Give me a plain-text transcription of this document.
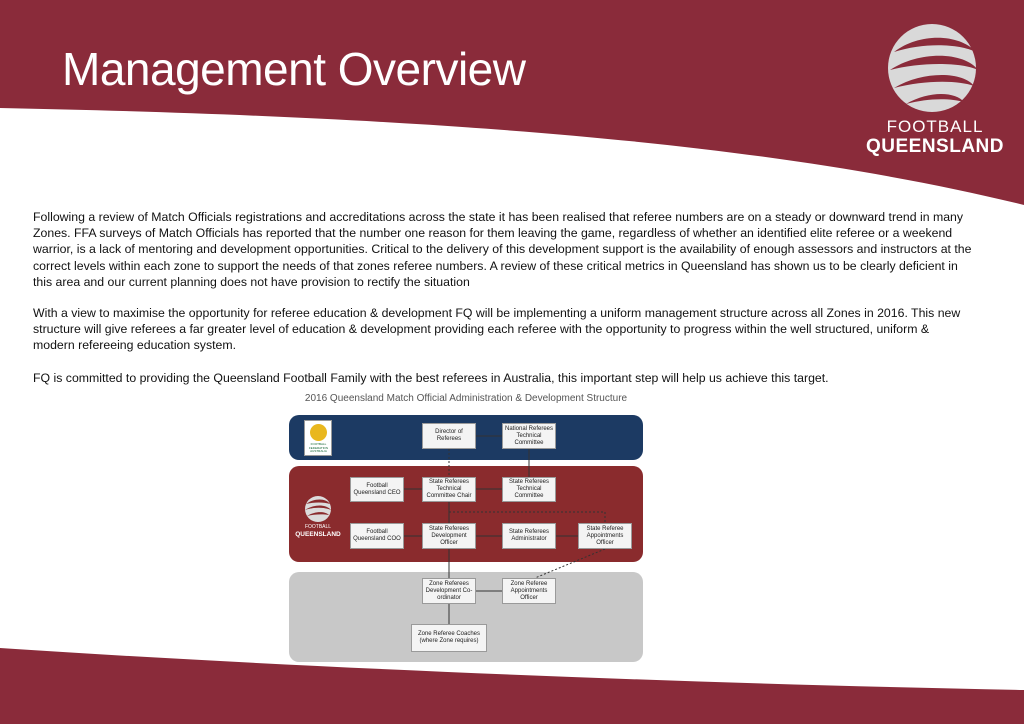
Management Overview
FOOTBALL
QUEENSLAND

Following a review of Match Officials registrations and accreditations across the state it has been realised that referee numbers are on a steady or downward trend in many Zones. FFA surveys of Match Officials has reported that the number one reason for them leaving the game, regardless of whether an identified elite referee or a weekend warrior, is a lack of mentoring and development opportunities. Critical to the delivery of this development support is the availability of enough assessors and instructors at the correct levels within each zone to support the needs of that zones referee numbers. A review of these critical metrics in Queensland has shown us to be clearly deficient in this area and our current planning does not have provision to rectify the situation

With a view to maximise the opportunity for referee education & development FQ will be implementing a uniform management structure across all Zones in 2016. This new structure will give referees a far greater level of education & development providing each referee with the opportunity to progress within the well structured, uniform & modern refereeing education system.

FQ is committed to providing the Queensland Football Family with the best referees in Australia, this important step will help us achieve this target.

2016 Queensland Match Official Administration & Development Structure
FOOTBALL FEDERATION AUSTRALIA
FOOTBALL
QUEENSLAND
Director of Referees
National Referees Technical Committee
Football Queensland CEO
State Referees Technical Committee Chair
State Referees Technical Committee
Football Queensland COO
State Referees Development Officer
State Referees Administrator
State Referee Appointments Officer
Zone Referees Development Co-ordinator
Zone Referee Appointments Officer
Zone Referee Coaches (where Zone requires)
